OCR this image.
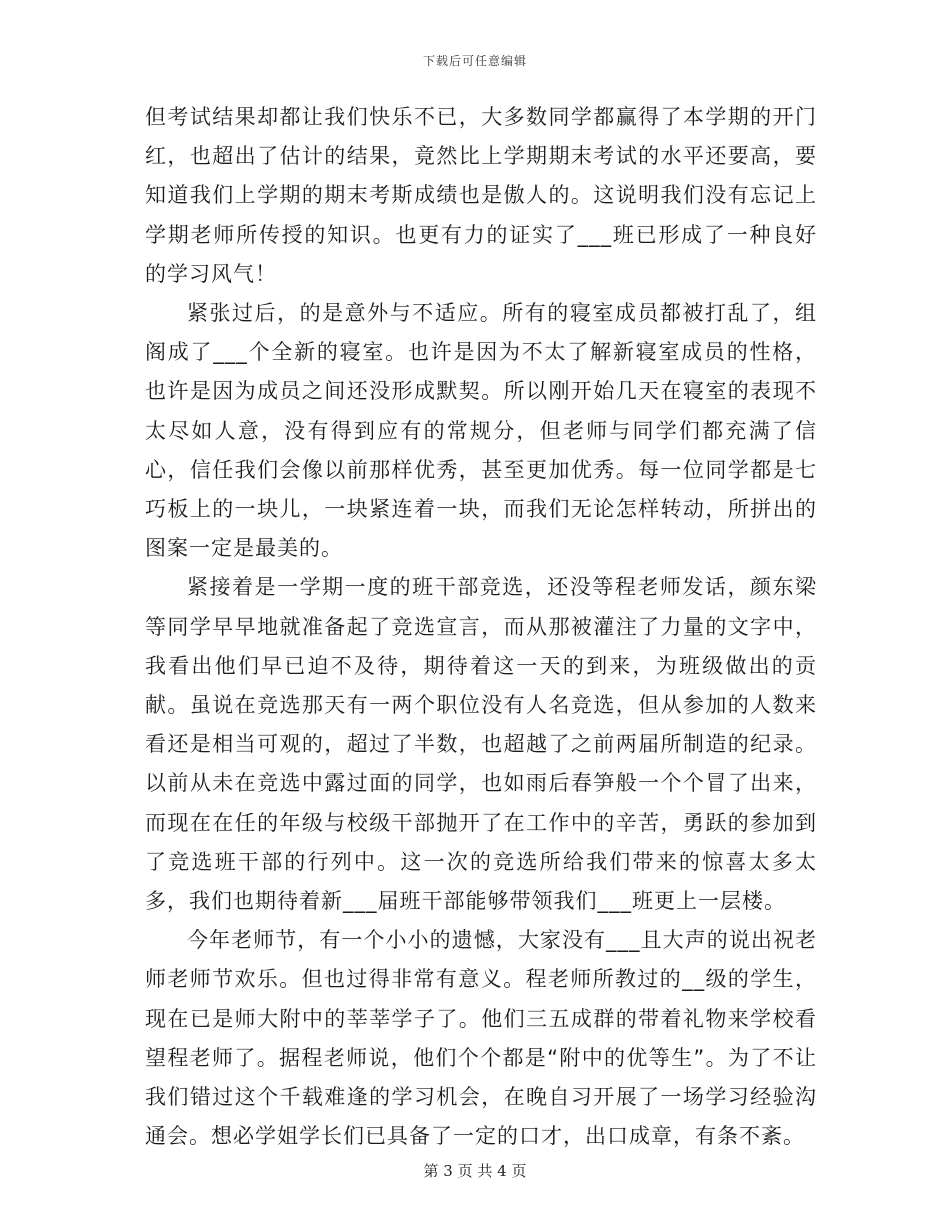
下载后可任意编辑

但考试结果却都让我们快乐不已，大多数同学都赢得了本学期的开门红，也超出了估计的结果，竟然比上学期期末考试的水平还要高，要知道我们上学期的期末考斯成绩也是傲人的。这说明我们没有忘记上学期老师所传授的知识。也更有力的证实了___班已形成了一种良好的学习风气！

紧张过后，的是意外与不适应。所有的寝室成员都被打乱了，组阁成了___个全新的寝室。也许是因为不太了解新寝室成员的性格，也许是因为成员之间还没形成默契。所以刚开始几天在寝室的表现不太尽如人意，没有得到应有的常规分，但老师与同学们都充满了信心，信任我们会像以前那样优秀，甚至更加优秀。每一位同学都是七巧板上的一块儿，一块紧连着一块，而我们无论怎样转动，所拼出的图案一定是最美的。

紧接着是一学期一度的班干部竞选，还没等程老师发话，颜东梁等同学早早地就准备起了竞选宣言，而从那被灌注了力量的文字中，我看出他们早已迫不及待，期待着这一天的到来，为班级做出的贡献。虽说在竞选那天有一两个职位没有人名竞选，但从参加的人数来看还是相当可观的，超过了半数，也超越了之前两届所制造的纪录。以前从未在竞选中露过面的同学，也如雨后春笋般一个个冒了出来，而现在在任的年级与校级干部抛开了在工作中的辛苦，勇跃的参加到了竞选班干部的行列中。这一次的竞选所给我们带来的惊喜太多太多，我们也期待着新___届班干部能够带领我们___班更上一层楼。

今年老师节，有一个小小的遗憾，大家没有___且大声的说出祝老师老师节欢乐。但也过得非常有意义。程老师所教过的__级的学生，现在已是师大附中的莘莘学子了。他们三五成群的带着礼物来学校看望程老师了。据程老师说，他们个个都是“附中的优等生”。为了不让我们错过这个千载难逢的学习机会，在晚自习开展了一场学习经验沟通会。想必学姐学长们已具备了一定的口才，出口成章，有条不紊。

第 3 页 共 4 页
